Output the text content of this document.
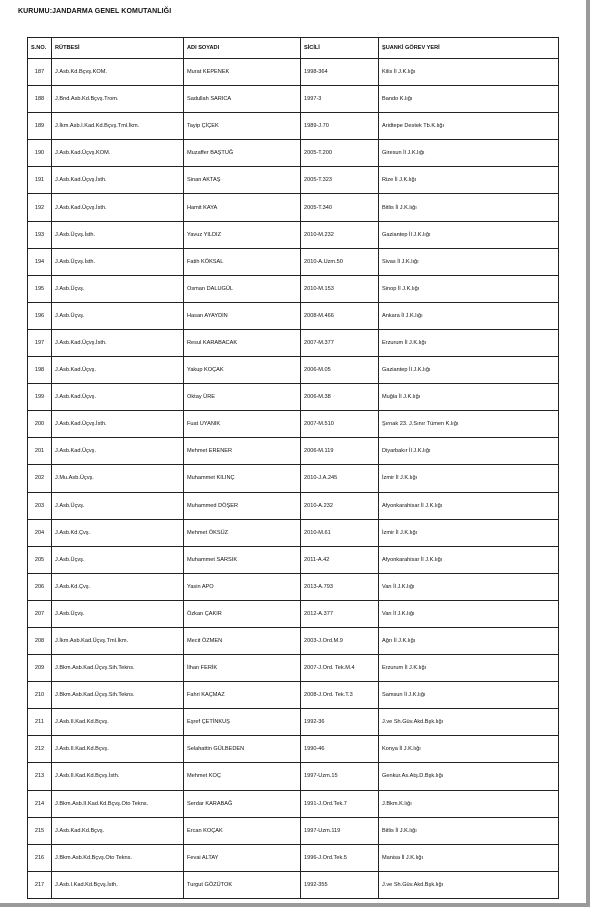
KURUMU:JANDARMA GENEL KOMUTANLIĞI
S.NO.	RÜTBESİ	ADI SOYADI	SİCİLİ	ŞUANKİ GÖREV YERİ
187	J.Asb.Kd.Bçvş.KOM.	Murat KEPENEK	1998-364	Kilis İl J.K.lığı
188	J.Bnd.Asb.Kd.Bçvş.Trom.	Sadullah SARICA	1997-3	Bando K.lığı
189	J.İkm.Asb.I.Kad.Kd.Bçvş.Tml.İkm.	Tayip ÇİÇEK	1989-J.70	Aridtepe Destek Tb.K.lığı
190	J.Asb.Kad.Üçvş.KOM.	Muzaffer BAŞTUĞ	2005-T.200	Giresun İl J.K.lığı
191	J.Asb.Kad.Üçvş.İsth.	Sinan AKTAŞ	2005-T.323	Rize İl J.K.lığı
192	J.Asb.Kad.Üçvş.İsth.	Hamit KAYA	2005-T.340	Bitlis İl J.K.lığı
193	J.Asb.Üçvş.İsth.	Yavuz YILDIZ	2010-M.232	Gaziantep İl J.K.lığı
194	J.Asb.Üçvş.İsth.	Fatih KÖKSAL	2010-A.Uzm.50	Sivas İl J.K.lığı
195	J.Asb.Üçvş.	Osman DALUGÜL	2010-M.153	Sinop İl J.K.lığı
196	J.Asb.Üçvş.	Hasan AYAYDIN	2008-M.466	Ankara İl J.K.lığı
197	J.Asb.Kad.Üçvş.İsth.	Resul KARABACAK	2007-M.377	Erzurum İl J.K.lığı
198	J.Asb.Kad.Üçvş.	Yakup KOÇAK	2006-M.05	Gaziantep İl J.K.lığı
199	J.Asb.Kad.Üçvş.	Oktay ÜRE	2006-M.38	Muğla İl J.K.lığı
200	J.Asb.Kad.Üçvş.İsth.	Fuat UYANIK	2007-M.510	Şırnak 23. J.Sınır Tümen K.lığı
201	J.Asb.Kad.Üçvş.	Mehmet ERENER	2006-M.119	Diyarbakır İl J.K.lığı
202	J.Mu.Asb.Üçvş.	Muhammet KILINÇ	2010-J.A.245	İzmir İl J.K.lığı
203	J.Asb.Üçvş.	Muhammed DÖŞER	2010-A.232	Afyonkarahisar İl J.K.lığı
204	J.Asb.Kd.Çvş.	Mehmet ÖKSÜZ	2010-M.61	İzmir İl J.K.lığı
205	J.Asb.Üçvş.	Muhammet SARSIK	2011-A.42	Afyonkarahisar İl J.K.lığı
206	J.Asb.Kd.Çvş.	Yasin APO	2013-A.793	Van İl J.K.lığı
207	J.Asb.Üçvş.	Özkan ÇAKIR	2012-A.377	Van İl J.K.lığı
208	J.İkm.Asb.Kad.Üçvş.Tml.İkm.	Mecit ÖZMEN	2003-J.Ord.M.9	Ağrı İl J.K.lığı
209	J.Bkm.Asb.Kad.Üçvş.Sih.Tekns.	İlhan FERİK	2007-J.Ord. Tek.M.4	Erzurum İl J.K.lığı
210	J.Bkm.Asb.Kad.Üçvş.Sih.Tekns.	Fahri KAÇMAZ	2008-J.Ord. Tek.T.3	Samsun İl J.K.lığı
211	J.Asb.II.Kad.Kd.Bçvş.	Eşref ÇETİNKUŞ	1992-36	J.ve Sh.Güv.Akd.Bşk.lığı
212	J.Asb.II.Kad.Kd.Bçvş.	Selahattin GÜLBEDEN	1990-46	Konya İl J.K.lığı
213	J.Asb.II.Kad.Kd.Bçvş.İsth.	Mehmet KOÇ	1997-Uzm.15	Genkur.As.Atş.D.Bşk.lığı
214	J.Bkm.Asb.II.Kad.Kd.Bçvş.Oto Tekns.	Serdar KARABAĞ	1991-J.Ord.Tek.7	J.Bkm.K.lığı
215	J.Asb.Kad.Kd.Bçvş.	Ercan KOÇAK	1997-Uzm.119	Bitlis İl J.K.lığı
216	J.Bkm.Asb.Kd.Bçvş.Oto Tekns.	Fevai ALTAY	1996-J.Ord.Tek.5	Manisa İl J.K.lığı
217	J.Asb.I.Kad.Kd.Bçvş.İsth.	Turgut GÖZÜTOK	1992-355	J.ve Sh.Güv.Akd.Bşk.lığı
